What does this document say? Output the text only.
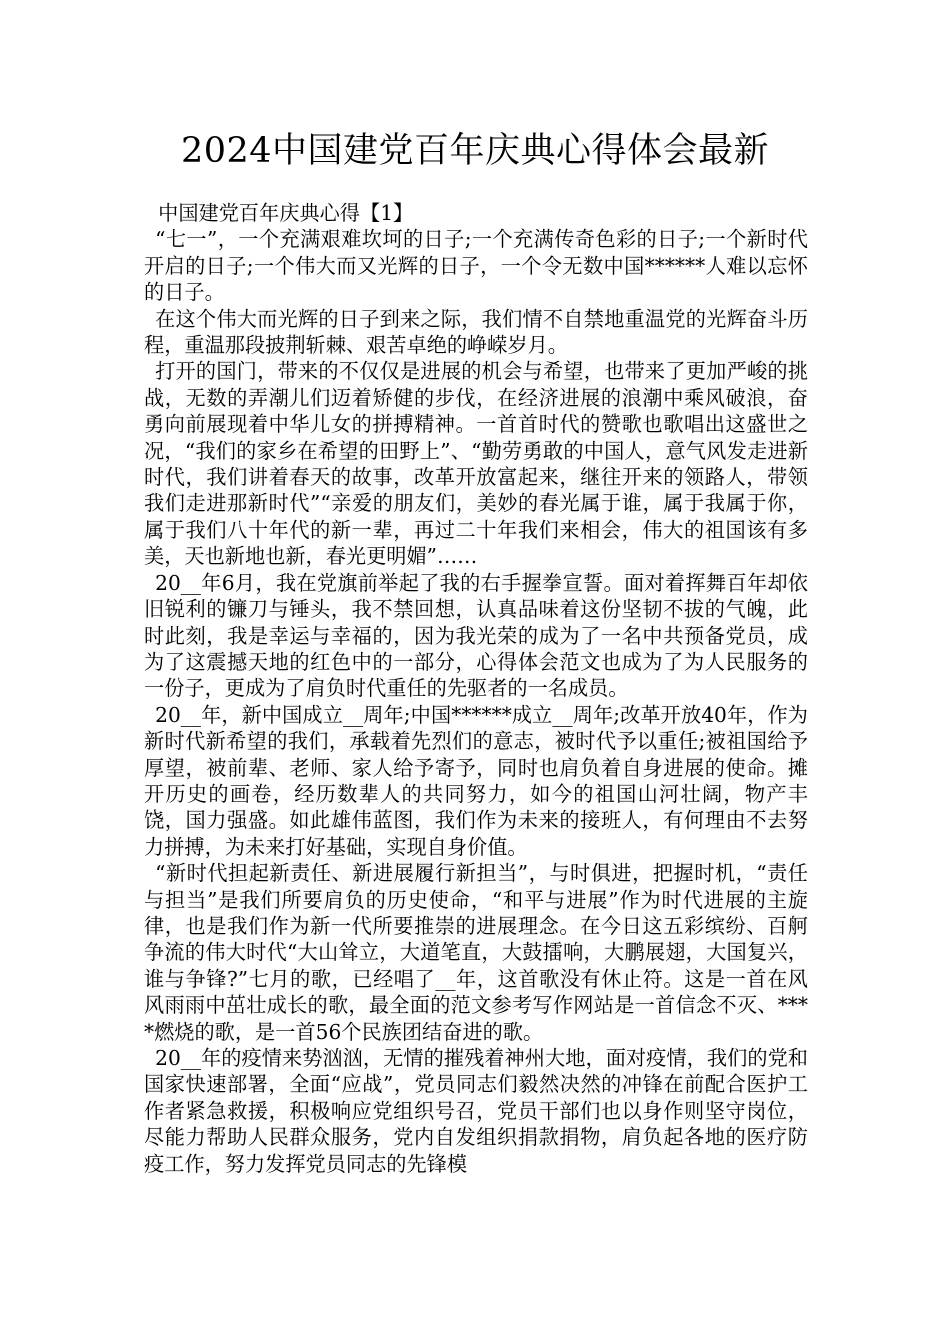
2024中国建党百年庆典心得体会最新

中国建党百年庆典心得【1】

“七一”，一个充满艰难坎坷的日子;一个充满传奇色彩的日子;一个新时代开启的日子;一个伟大而又光辉的日子，一个令无数中国******人难以忘怀的日子。

在这个伟大而光辉的日子到来之际，我们情不自禁地重温党的光辉奋斗历程，重温那段披荆斩棘、艰苦卓绝的峥嵘岁月。

打开的国门，带来的不仅仅是进展的机会与希望，也带来了更加严峻的挑战，无数的弄潮儿们迈着矫健的步伐，在经济进展的浪潮中乘风破浪，奋勇向前展现着中华儿女的拼搏精神。一首首时代的赞歌也歌唱出这盛世之况，“我们的家乡在希望的田野上”、“勤劳勇敢的中国人，意气风发走进新时代，我们讲着春天的故事，改革开放富起来，继往开来的领路人，带领我们走进那新时代”“亲爱的朋友们，美妙的春光属于谁，属于我属于你，属于我们八十年代的新一辈，再过二十年我们来相会，伟大的祖国该有多美，天也新地也新，春光更明媚”……

20__年6月，我在党旗前举起了我的右手握拳宣誓。面对着挥舞百年却依旧锐利的镰刀与锤头，我不禁回想，认真品味着这份坚韧不拔的气魄，此时此刻，我是幸运与幸福的，因为我光荣的成为了一名中共预备党员，成为了这震撼天地的红色中的一部分，心得体会范文也成为了为人民服务的一份子，更成为了肩负时代重任的先驱者的一名成员。

20__年，新中国成立__周年;中国******成立__周年;改革开放40年，作为新时代新希望的我们，承载着先烈们的意志，被时代予以重任;被祖国给予厚望，被前辈、老师、家人给予寄予，同时也肩负着自身进展的使命。摊开历史的画卷，经历数辈人的共同努力，如今的祖国山河壮阔，物产丰饶，国力强盛。如此雄伟蓝图，我们作为未来的接班人，有何理由不去努力拼搏，为未来打好基础，实现自身价值。

“新时代担起新责任、新进展履行新担当”，与时俱进，把握时机，“责任与担当”是我们所要肩负的历史使命，“和平与进展”作为时代进展的主旋律，也是我们作为新一代所要推崇的进展理念。在今日这五彩缤纷、百舸争流的伟大时代“大山耸立，大道笔直，大鼓擂响，大鹏展翅，大国复兴，谁与争锋?”七月的歌，已经唱了__年，这首歌没有休止符。这是一首在风风雨雨中茁壮成长的歌，最全面的范文参考写作网站是一首信念不灭、****燃烧的歌，是一首56个民族团结奋进的歌。

20__年的疫情来势汹汹，无情的摧残着神州大地，面对疫情，我们的党和国家快速部署，全面“应战”，党员同志们毅然决然的冲锋在前配合医护工作者紧急救援，积极响应党组织号召，党员干部们也以身作则坚守岗位，尽能力帮助人民群众服务，党内自发组织捐款捐物，肩负起各地的医疗防疫工作，努力发挥党员同志的先锋模
